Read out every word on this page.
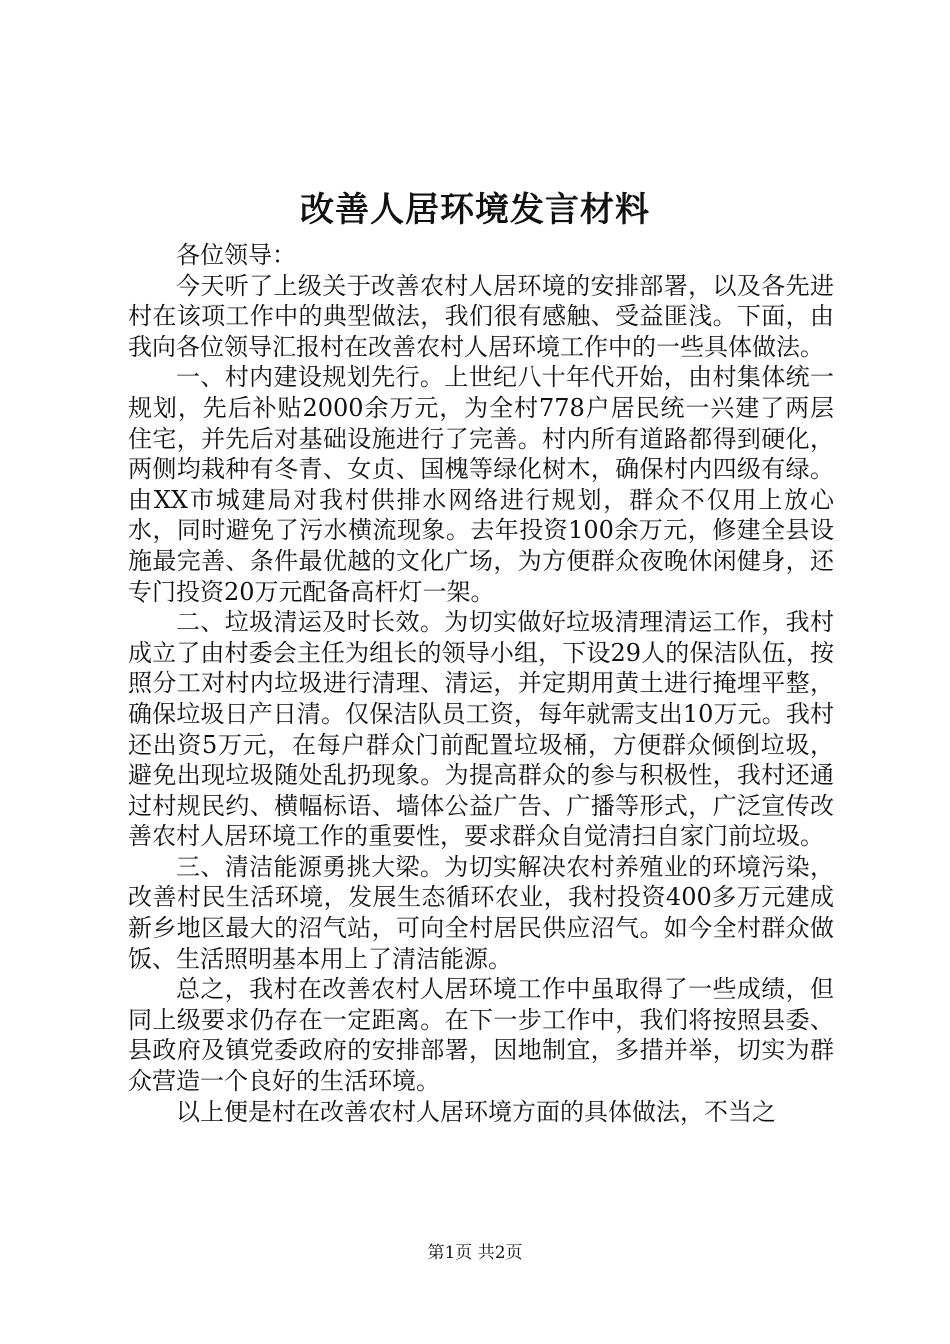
改善人居环境发言材料

各位领导：

今天听了上级关于改善农村人居环境的安排部署，以及各先进村在该项工作中的典型做法，我们很有感触、受益匪浅。下面，由我向各位领导汇报村在改善农村人居环境工作中的一些具体做法。

一、村内建设规划先行。上世纪八十年代开始，由村集体统一规划，先后补贴2000余万元，为全村778户居民统一兴建了两层住宅，并先后对基础设施进行了完善。村内所有道路都得到硬化，两侧均栽种有冬青、女贞、国槐等绿化树木，确保村内四级有绿。由XX市城建局对我村供排水网络进行规划，群众不仅用上放心水，同时避免了污水横流现象。去年投资100余万元，修建全县设施最完善、条件最优越的文化广场，为方便群众夜晚休闲健身，还专门投资20万元配备高杆灯一架。

二、垃圾清运及时长效。为切实做好垃圾清理清运工作，我村成立了由村委会主任为组长的领导小组，下设29人的保洁队伍，按照分工对村内垃圾进行清理、清运，并定期用黄土进行掩埋平整，确保垃圾日产日清。仅保洁队员工资，每年就需支出10万元。我村还出资5万元，在每户群众门前配置垃圾桶，方便群众倾倒垃圾，避免出现垃圾随处乱扔现象。为提高群众的参与积极性，我村还通过村规民约、横幅标语、墙体公益广告、广播等形式，广泛宣传改善农村人居环境工作的重要性，要求群众自觉清扫自家门前垃圾。

三、清洁能源勇挑大梁。为切实解决农村养殖业的环境污染，改善村民生活环境，发展生态循环农业，我村投资400多万元建成新乡地区最大的沼气站，可向全村居民供应沼气。如今全村群众做饭、生活照明基本用上了清洁能源。

总之，我村在改善农村人居环境工作中虽取得了一些成绩，但同上级要求仍存在一定距离。在下一步工作中，我们将按照县委、县政府及镇党委政府的安排部署，因地制宜，多措并举，切实为群众营造一个良好的生活环境。

以上便是村在改善农村人居环境方面的具体做法，不当之

第1页 共2页
